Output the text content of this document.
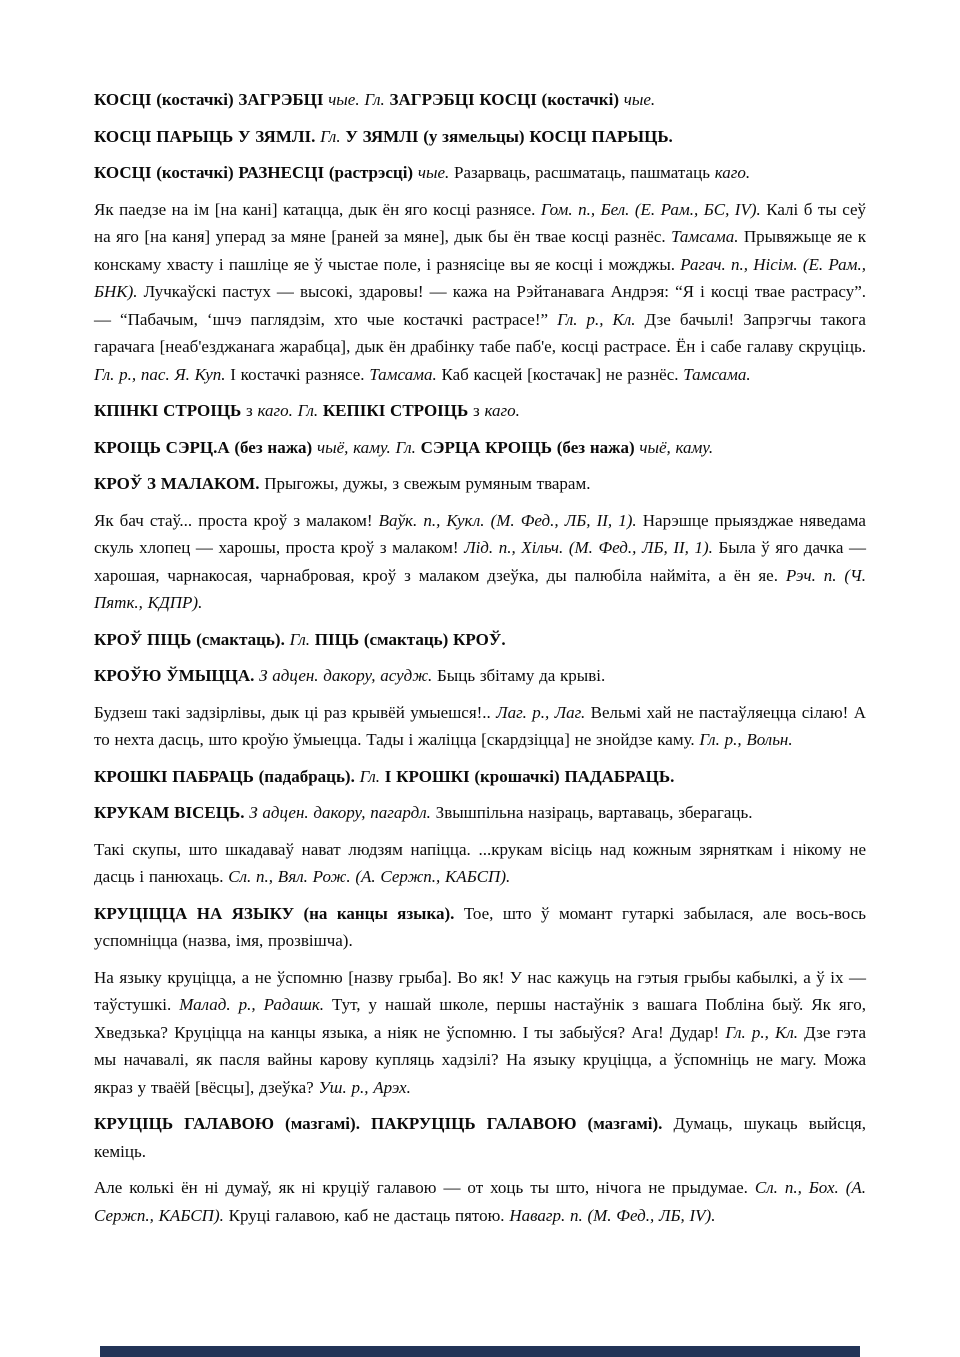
КОСЦІ (костачкі) ЗАГРЭБЦІ чые. Гл. ЗАГРЭБЦІ КОСЦІ (костачкі) чые.

КОСЦІ ПАРЫЦЬ У ЗЯМЛІ. Гл. У ЗЯМЛІ (у зямельцы) КОСЦІ ПАРЫЦЬ.

КОСЦІ (костачкі) РАЗНЕСЦІ (растрэсці) чые. Разарваць, расшматаць, пашматаць каго.

Як паедзе на ім [на кані] катацца, дык ён яго косці разнясе. Гом. п., Бел. (Е. Рам., БС, IV). Калі б ты сеў на яго [на каня] уперад за мяне [раней за мяне], дык бы ён твае косці разнёс. Тамсама. Прывяжыце яе к конскаму хвасту і пашліце яе ў чыстае поле, і разнясіце вы яе косці і можджы. Рагач. п., Нісім. (Е. Рам., БНК). Лучкаўскі пастух — высокі, здаровы! — кажа на Рэйтанавага Андрэя: “Я і косці твае растрасу”. — “Пабачым, ‘шчэ паглядзім, хто чые костачкі растрасе!” Гл. р., Кл. Дзе бачылі! Запрэгчы такога гарачага [неаб'езджанага жарабца], дык ён драбінку табе паб'е, косці растрасе. Ён і сабе галаву скруціць. Гл. р., пас. Я. Куп. І костачкі разнясе. Тамсама. Каб касцей [костачак] не разнёс. Тамсама.

КПІНКІ СТРОІЦЬ з каго. Гл. КЕПІКІ СТРОІЦЬ з каго.

КРОІЦЬ СЭРЦ.А (без нажа) чыё, каму. Гл. СЭРЦА КРОІЦЬ (без нажа) чыё, каму.

КРОЎ З МАЛАКОМ. Прыгожы, дужы, з свежым румяным тварам.

Як бач стаў... проста кроў з малаком! Ваўк. п., Кукл. (М. Фед., ЛБ, II, 1). Нарэшце прыязджае няведама скуль хлопец — харошы, проста кроў з малаком! Лід. п., Хільч. (М. Фед., ЛБ, II, 1). Была ў яго дачка — харошая, чарнакосая, чарнабровая, кроў з малаком дзеўка, ды палюбіла найміта, а ён яе. Рэч. п. (Ч. Пятк., КДПР).

КРОЎ ПІЦЬ (смактаць). Гл. ПІЦЬ (смактаць) КРОЎ.

КРОЎЮ ЎМЫЦЦА. З адцен. дакору, асудж. Быць збітаму да крыві.

Будзеш такі задзірлівы, дык ці раз крывёй умыешся!.. Лаг. р., Лаг. Вельмі хай не пастаўляецца сілаю! А то нехта дасць, што кроўю ўмыецца. Тады і жаліцца [скардзіцца] не знойдзе каму. Гл. р., Вольн.

КРОШКІ ПАБРАЦЬ (падабраць). Гл. І КРОШКІ (крошачкі) ПАДАБРАЦЬ.

КРУКАМ ВІСЕЦЬ. З адцен. дакору, пагардл. Звышпільна назіраць, вартаваць, зберагаць.

Такі скупы, што шкадаваў нават людзям напіцца. ...крукам вісіць над кожным зярняткам і нікому не дасць і панюхаць. Сл. п., Вял. Рож. (А. Сержп., КАБСП).

КРУЦІЦЦА НА ЯЗЫКУ (на канцы языка). Тое, што ў момант гутаркі забылася, але вось-вось успомніцца (назва, імя, прозвішча).

На языку круціцца, а не ўспомню [назву грыба]. Во як! У нас кажуць на гэтыя грыбы кабылкі, а ў іх — таўстушкі. Малад. р., Радашк. Тут, у нашай школе, першы настаўнік з вашага Побліна быў. Як яго, Хведзька? Круціцца на канцы языка, а ніяк не ўспомню. І ты забыўся? Ага! Дудар! Гл. р., Кл. Дзе гэта мы начавалі, як пасля вайны карову купляць хадзілі? На языку круціцца, а ўспомніць не магу. Можа якраз у тваёй [вёсцы], дзеўка? Уш. р., Арэх.

КРУЦІЦЬ ГАЛАВОЮ (мазгамі). ПАКРУЦІЦЬ ГАЛАВОЮ (мазгамі). Думаць, шукаць выйсця, кеміць.

Але колькі ён ні думаў, як ні круціў галавою — от хоць ты што, нічога не прыдумае. Сл. п., Бох. (А. Сержп., КАБСП). Круці галавою, каб не дастаць пятою. Навагр. п. (М. Фед., ЛБ, IV).
